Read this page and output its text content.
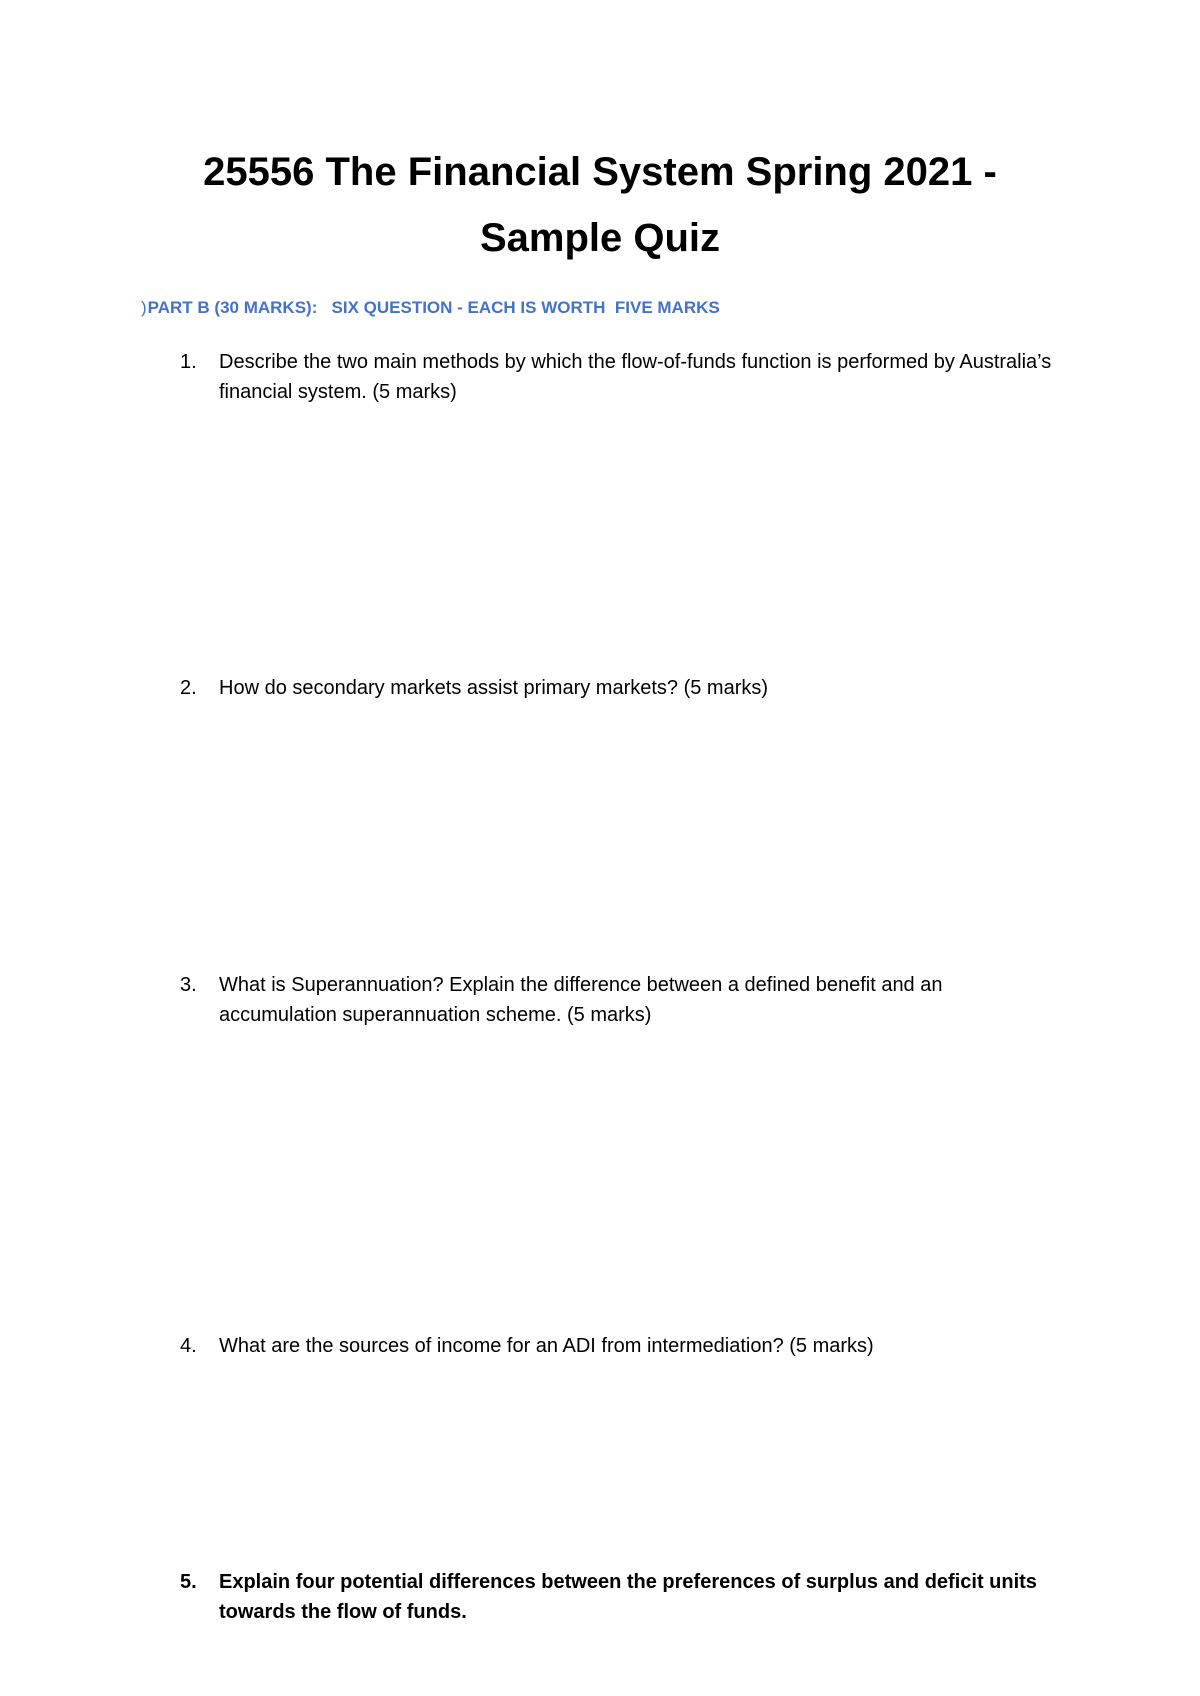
25556 The Financial System Spring 2021 -
Sample Quiz
)PART B (30 MARKS):   SIX QUESTION - EACH IS WORTH  FIVE MARKS
1.	Describe the two main methods by which the flow-of-funds function is performed by Australia’s financial system. (5 marks)
2.	How do secondary markets assist primary markets? (5 marks)
3.	What is Superannuation? Explain the difference between a defined benefit and an accumulation superannuation scheme. (5 marks)
4.	What are the sources of income for an ADI from intermediation? (5 marks)
5.	Explain four potential differences between the preferences of surplus and deficit units towards the flow of funds.
